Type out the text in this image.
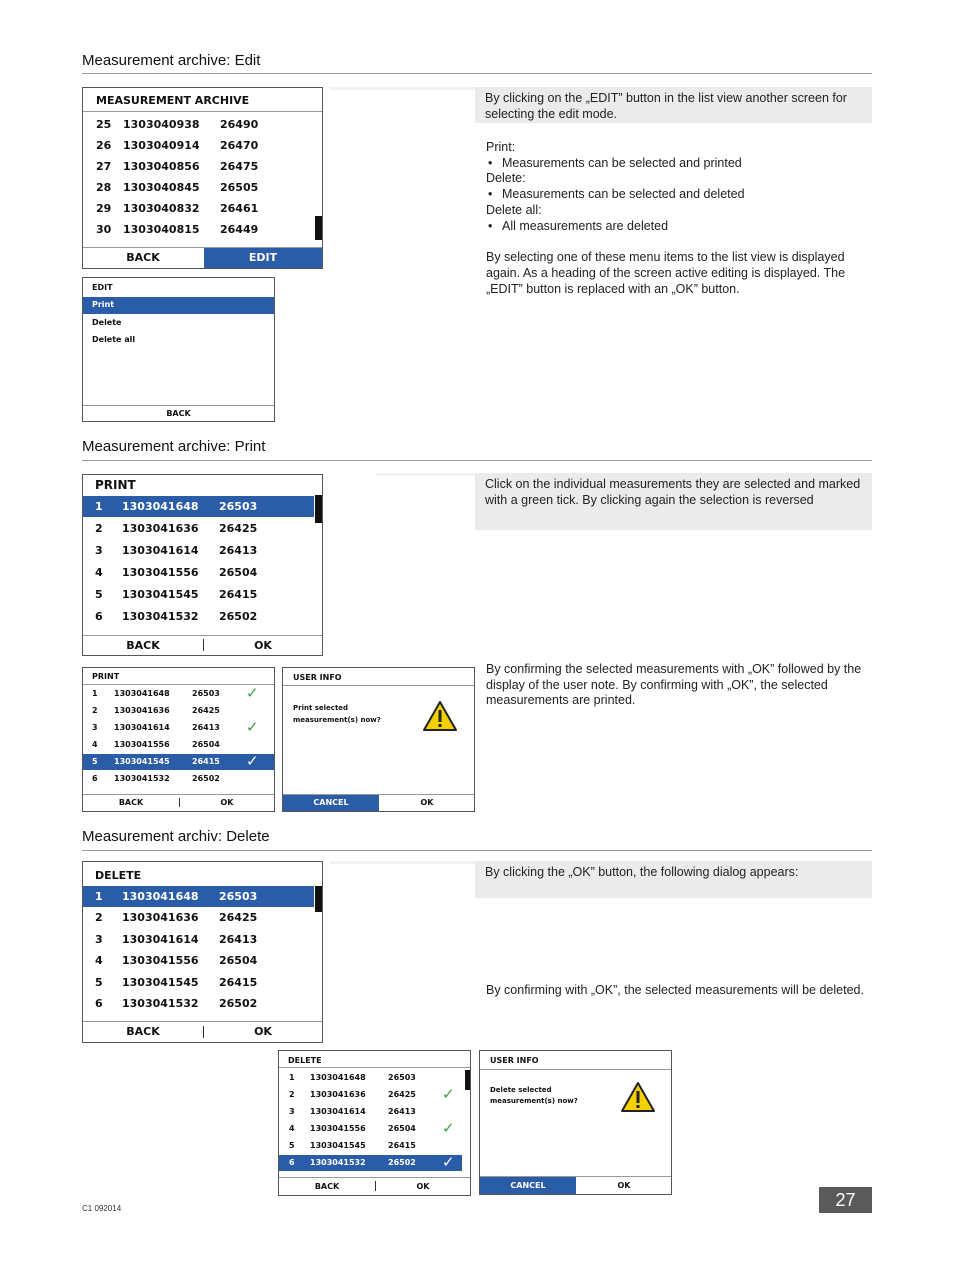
Measurement archive: Edit
MEASUREMENT ARCHIVE
25 1303040938 26490
26 1303040914 26470
27 1303040856 26475
28 1303040845 26505
29 1303040832 26461
30 1303040815 26449
BACK	EDIT
EDIT
Print
Delete
Delete all
BACK
By clicking on the „EDIT” button in the list view another screen for selecting the edit mode.
Print:
• Measurements can be selected and printed
Delete:
• Measurements can be selected and deleted
Delete all:
• All measurements are deleted
By selecting one of these menu items to the list view is displayed again. As a heading of the screen active editing is displayed. The „EDIT” button is replaced with an „OK” button.
Measurement archive: Print
PRINT
1 1303041648 26503
2 1303041636 26425
3 1303041614 26413
4 1303041556 26504
5 1303041545 26415
6 1303041532 26502
BACK	OK
Click on the individual measurements they are selected and marked with a green tick. By clicking again the selection is reversed
PRINT
1 1303041648	26503 ✓
2 1303041636	26425
3 1303041614	26413 ✓
4 1303041556	26504
5 1303041545	26415 ✓
6 1303041532	26502
BACK	OK
USER INFO
Print selected
measurement(s) now?
CANCEL	OK
By confirming the selected measurements with „OK” followed by the display of the user note. By confirming with „OK”, the selected measurements are printed.
Measurement archiv: Delete
DELETE
1 1303041648 26503
2 1303041636 26425
3 1303041614 26413
4 1303041556 26504
5 1303041545 26415
6 1303041532 26502
BACK	OK
By clicking the „OK” button, the following dialog appears:
By confirming with „OK”, the selected measurements will be deleted.
DELETE
1 1303041648	26503
2 1303041636	26425 ✓
3 1303041614	26413
4 1303041556	26504 ✓
5 1303041545	26415
6 1303041532	26502 ✓
BACK	OK
USER INFO
Delete selected
measurement(s) now?
CANCEL	OK
C1 092014	27
